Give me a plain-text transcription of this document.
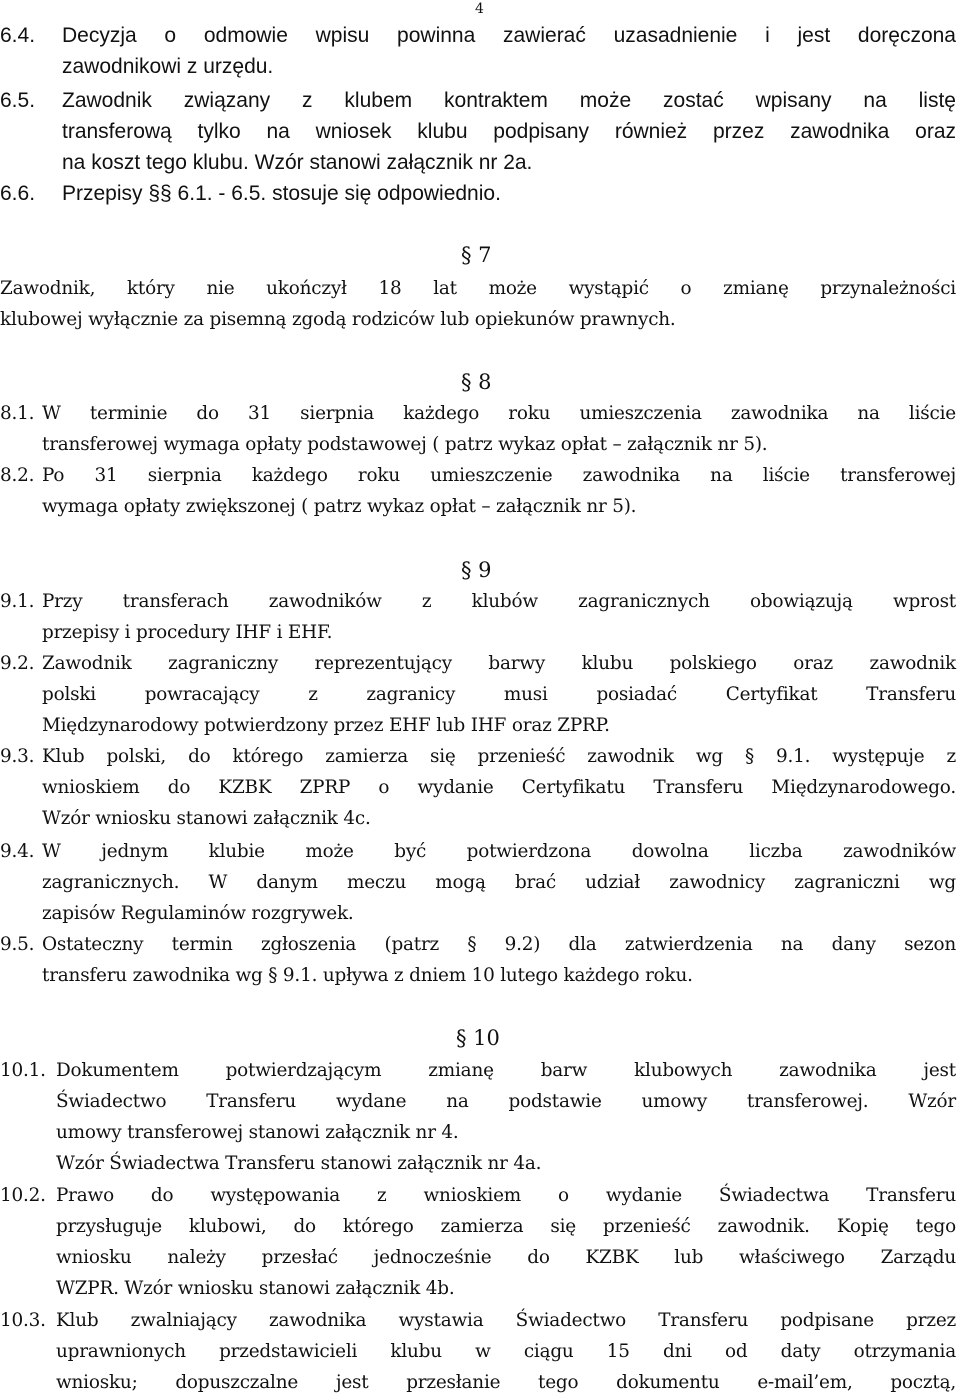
4
6.4. Decyzja o odmowie wpisu powinna zawierać uzasadnienie i jest doręczona
zawodnikowi z urzędu.
6.5. Zawodnik związany z klubem kontraktem może zostać wpisany na listę
transferową tylko na wniosek klubu podpisany również przez zawodnika oraz
na koszt tego klubu. Wzór stanowi załącznik nr 2a.
6.6. Przepisy §§ 6.1. - 6.5. stosuje się odpowiednio.
§ 7
Zawodnik, który nie ukończył 18 lat może wystąpić o zmianę przynależności
klubowej wyłącznie za pisemną zgodą rodziców lub opiekunów prawnych.
§ 8
8.1. W terminie do 31 sierpnia każdego roku umieszczenia zawodnika na liście
transferowej wymaga opłaty podstawowej ( patrz wykaz opłat – załącznik nr 5).
8.2. Po 31 sierpnia każdego roku umieszczenie zawodnika na liście transferowej
wymaga opłaty zwiększonej ( patrz wykaz opłat – załącznik nr 5).
§ 9
9.1. Przy transferach zawodników z klubów zagranicznych obowiązują wprost
przepisy i procedury IHF i EHF.
9.2. Zawodnik zagraniczny reprezentujący barwy klubu polskiego oraz zawodnik
polski powracający z zagranicy musi posiadać Certyfikat Transferu
Międzynarodowy potwierdzony przez EHF lub IHF oraz ZPRP.
9.3. Klub polski, do którego zamierza się przenieść zawodnik wg § 9.1. występuje z
wnioskiem do KZBK ZPRP o wydanie Certyfikatu Transferu Międzynarodowego.
Wzór wniosku stanowi załącznik 4c.
9.4. W jednym klubie może być potwierdzona dowolna liczba zawodników
zagranicznych. W danym meczu mogą brać udział zawodnicy zagraniczni wg
zapisów Regulaminów rozgrywek.
9.5. Ostateczny termin zgłoszenia (patrz § 9.2) dla zatwierdzenia na dany sezon
transferu zawodnika wg § 9.1. upływa z dniem 10 lutego każdego roku.
§ 10
10.1. Dokumentem potwierdzającym zmianę barw klubowych zawodnika jest
Świadectwo Transferu wydane na podstawie umowy transferowej. Wzór
umowy transferowej stanowi załącznik nr 4.
Wzór Świadectwa Transferu stanowi załącznik nr 4a.
10.2. Prawo do występowania z wnioskiem o wydanie Świadectwa Transferu
przysługuje klubowi, do którego zamierza się przenieść zawodnik. Kopię tego
wniosku należy przesłać jednocześnie do KZBK lub właściwego Zarządu
WZPR. Wzór wniosku stanowi załącznik 4b.
10.3. Klub zwalniający zawodnika wystawia Świadectwo Transferu podpisane przez
uprawnionych przedstawicieli klubu w ciągu 15 dni od daty otrzymania
wniosku; dopuszczalne jest przesłanie tego dokumentu e-mail’em, pocztą,
